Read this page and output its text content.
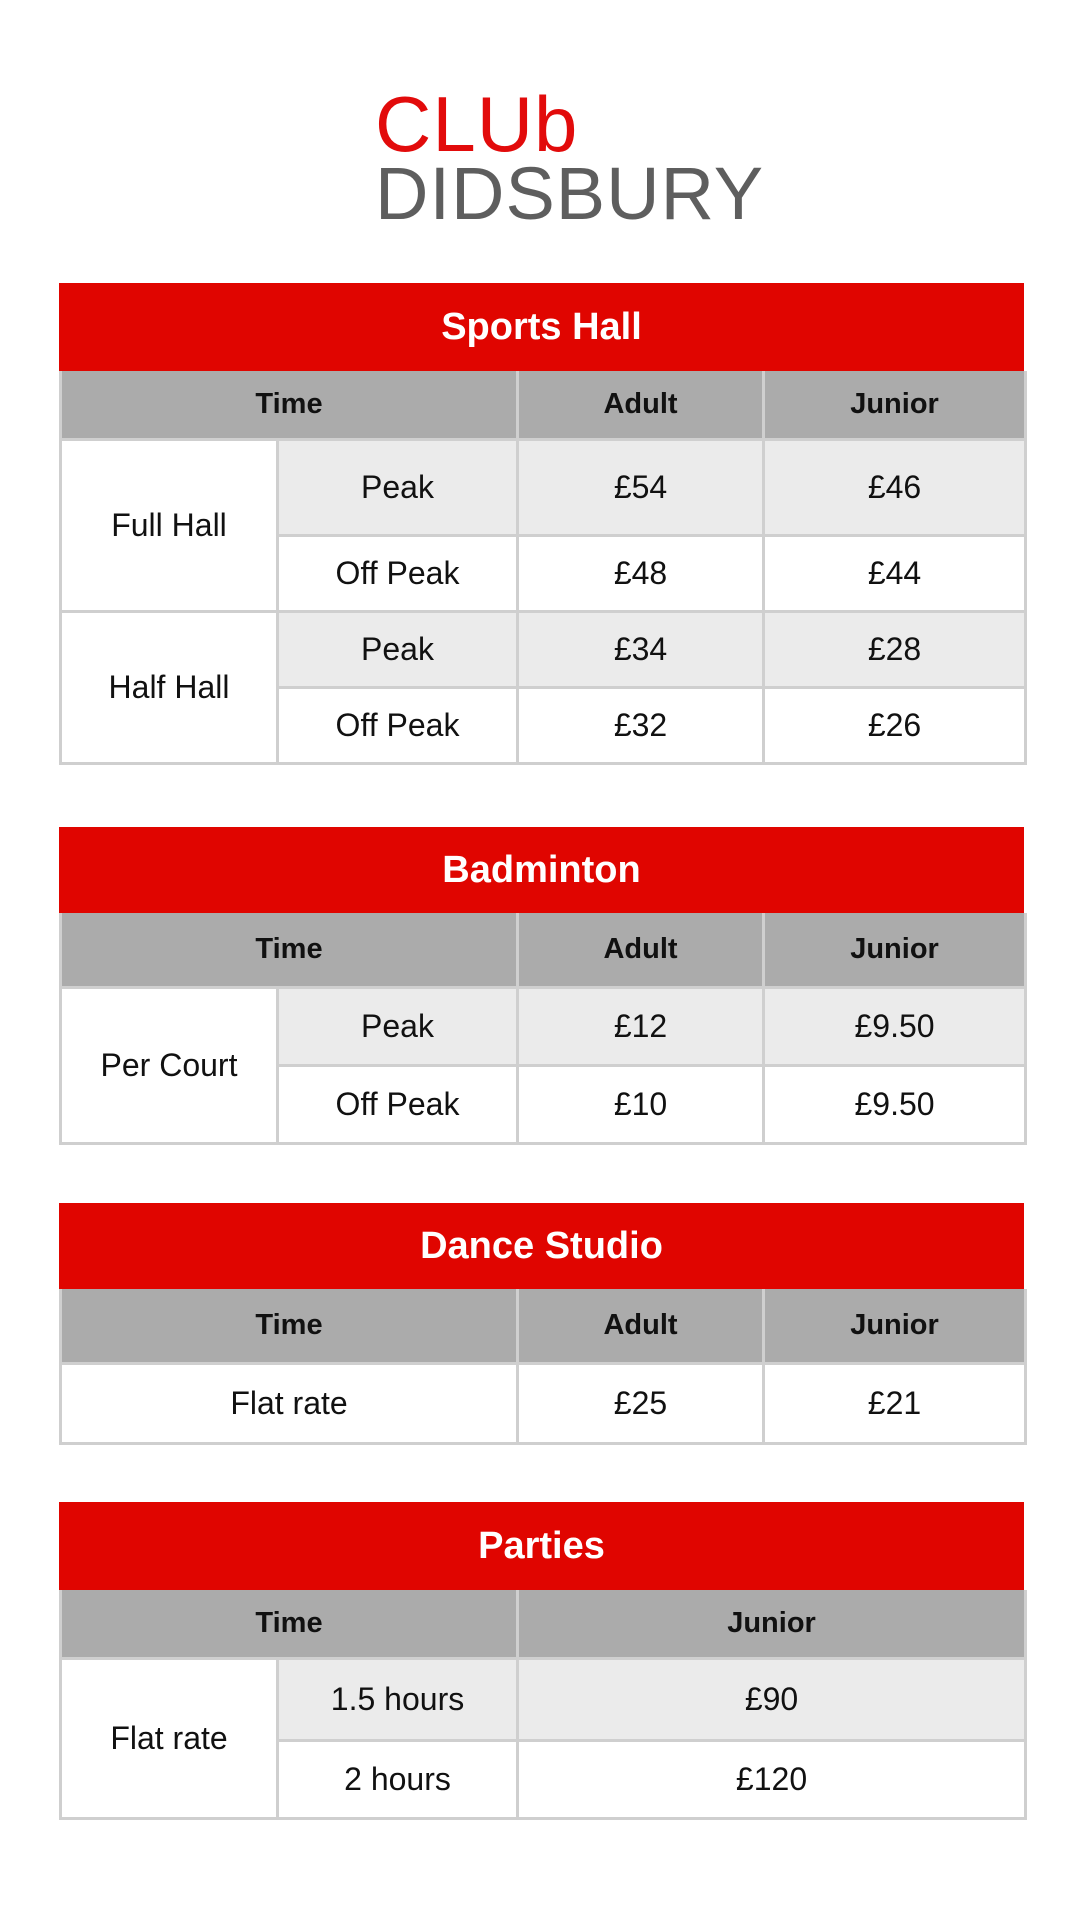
CLUb
DIDSBURY
Sports Hall
Time		Adult	Junior
Full Hall	Peak	£54	£46
	Off Peak	£48	£44
Half Hall	Peak	£34	£28
	Off Peak	£32	£26
Badminton
Time		Adult	Junior
Per Court	Peak	£12	£9.50
	Off Peak	£10	£9.50
Dance Studio
Time	Adult	Junior
Flat rate	£25	£21
Parties
Time		Junior
Flat rate	1.5 hours	£90
	2 hours	£120
